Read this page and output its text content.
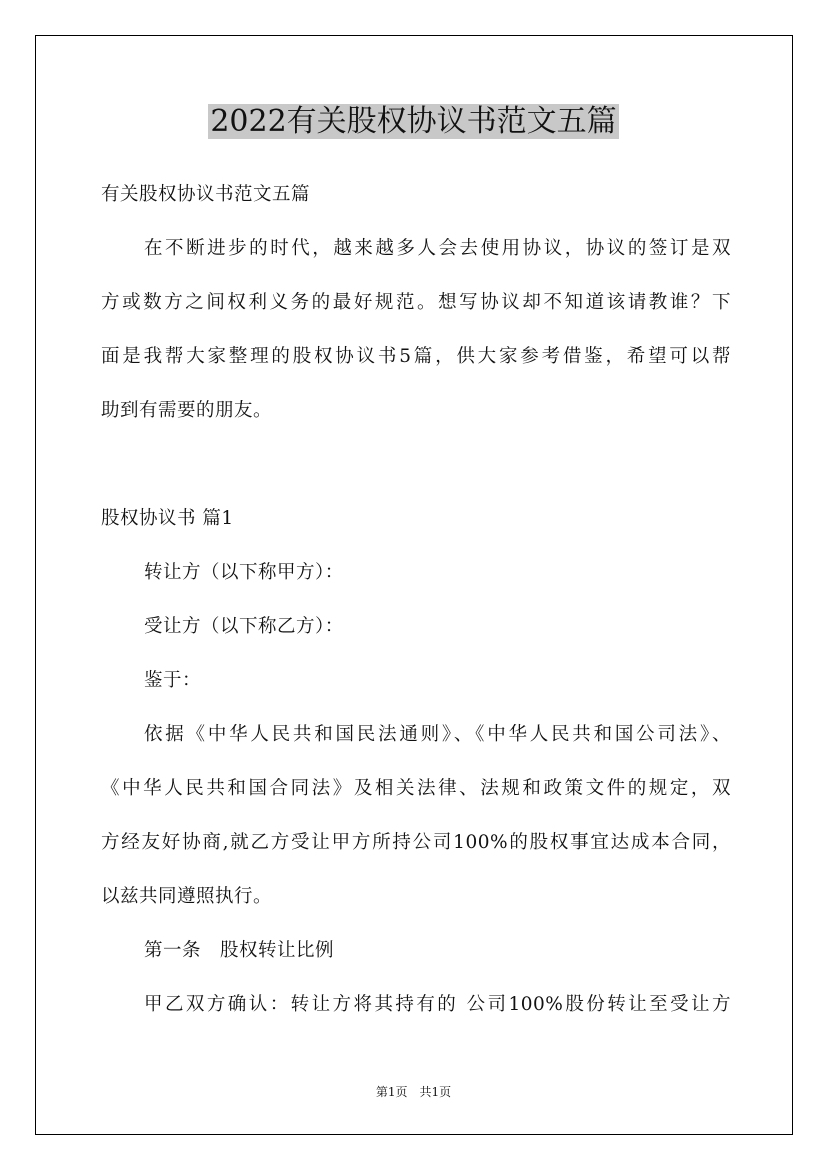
2022有关股权协议书范文五篇

有关股权协议书范文五篇

在不断进步的时代，越来越多人会去使用协议，协议的签订是双

方或数方之间权利义务的最好规范。想写协议却不知道该请教谁？下

面是我帮大家整理的股权协议书5篇，供大家参考借鉴，希望可以帮

助到有需要的朋友。

股权协议书 篇1

转让方（以下称甲方）：

受让方（以下称乙方）：

鉴于：

依据《中华人民共和国民法通则》、《中华人民共和国公司法》、

《中华人民共和国合同法》及相关法律、法规和政策文件的规定，双

方经友好协商,就乙方受让甲方所持公司100%的股权事宜达成本合同，

以兹共同遵照执行。

第一条　股权转让比例

甲乙双方确认：转让方将其持有的 公司100%股份转让至受让方

第1页　共1页
